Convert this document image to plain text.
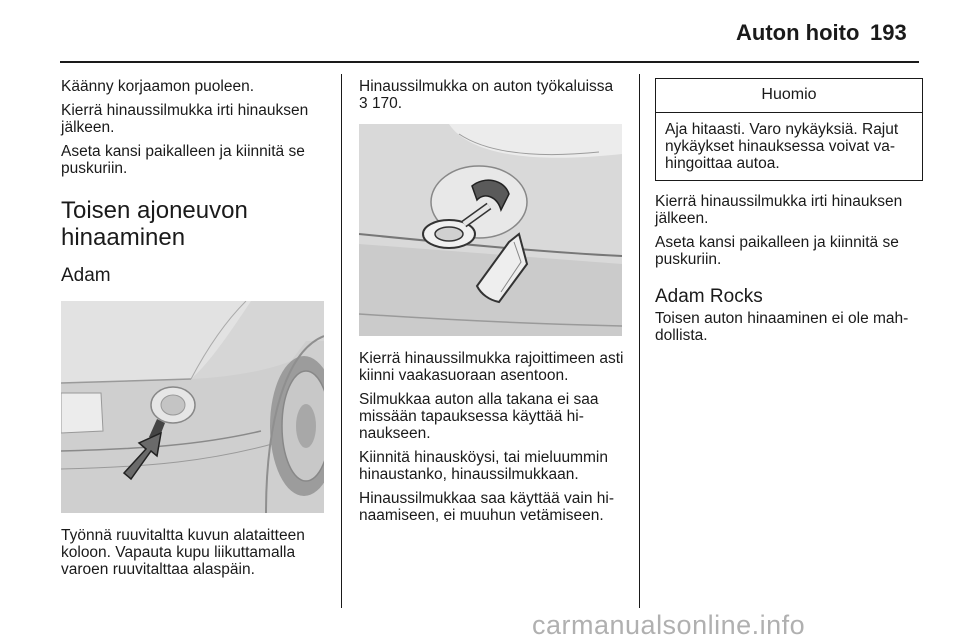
Auton hoito 193

Käänny korjaamon puoleen.

Kierrä hinaussilmukka irti hinauksen jälkeen.

Aseta kansi paikalleen ja kiinnitä se puskuriin.

Toisen ajoneuvon hinaaminen
Adam

Työnnä ruuvitaltta kuvun alataitteen koloon. Vapauta kupu liikuttamalla varoen ruuvitalttaa alaspäin.

Hinaussilmukka on auton työkaluissa
3 170.

Kierrä hinaussilmukka rajoittimeen asti kiinni vaakasuoraan asentoon.

Silmukkaa auton alla takana ei saa missään tapauksessa käyttää hinaukseen.

Kiinnitä hinausköysi, tai mieluummin hinaustanko, hinaussilmukkaan.

Hinaussilmukkaa saa käyttää vain hinaamiseen, ei muuhun vetämiseen.

Huomio
Aja hitaasti. Varo nykäyksiä. Rajut nykäykset hinauksessa voivat vahingoittaa autoa.

Kierrä hinaussilmukka irti hinauksen jälkeen.

Aseta kansi paikalleen ja kiinnitä se puskuriin.

Adam Rocks

Toisen auton hinaaminen ei ole mahdollista.

carmanualsonline.info
